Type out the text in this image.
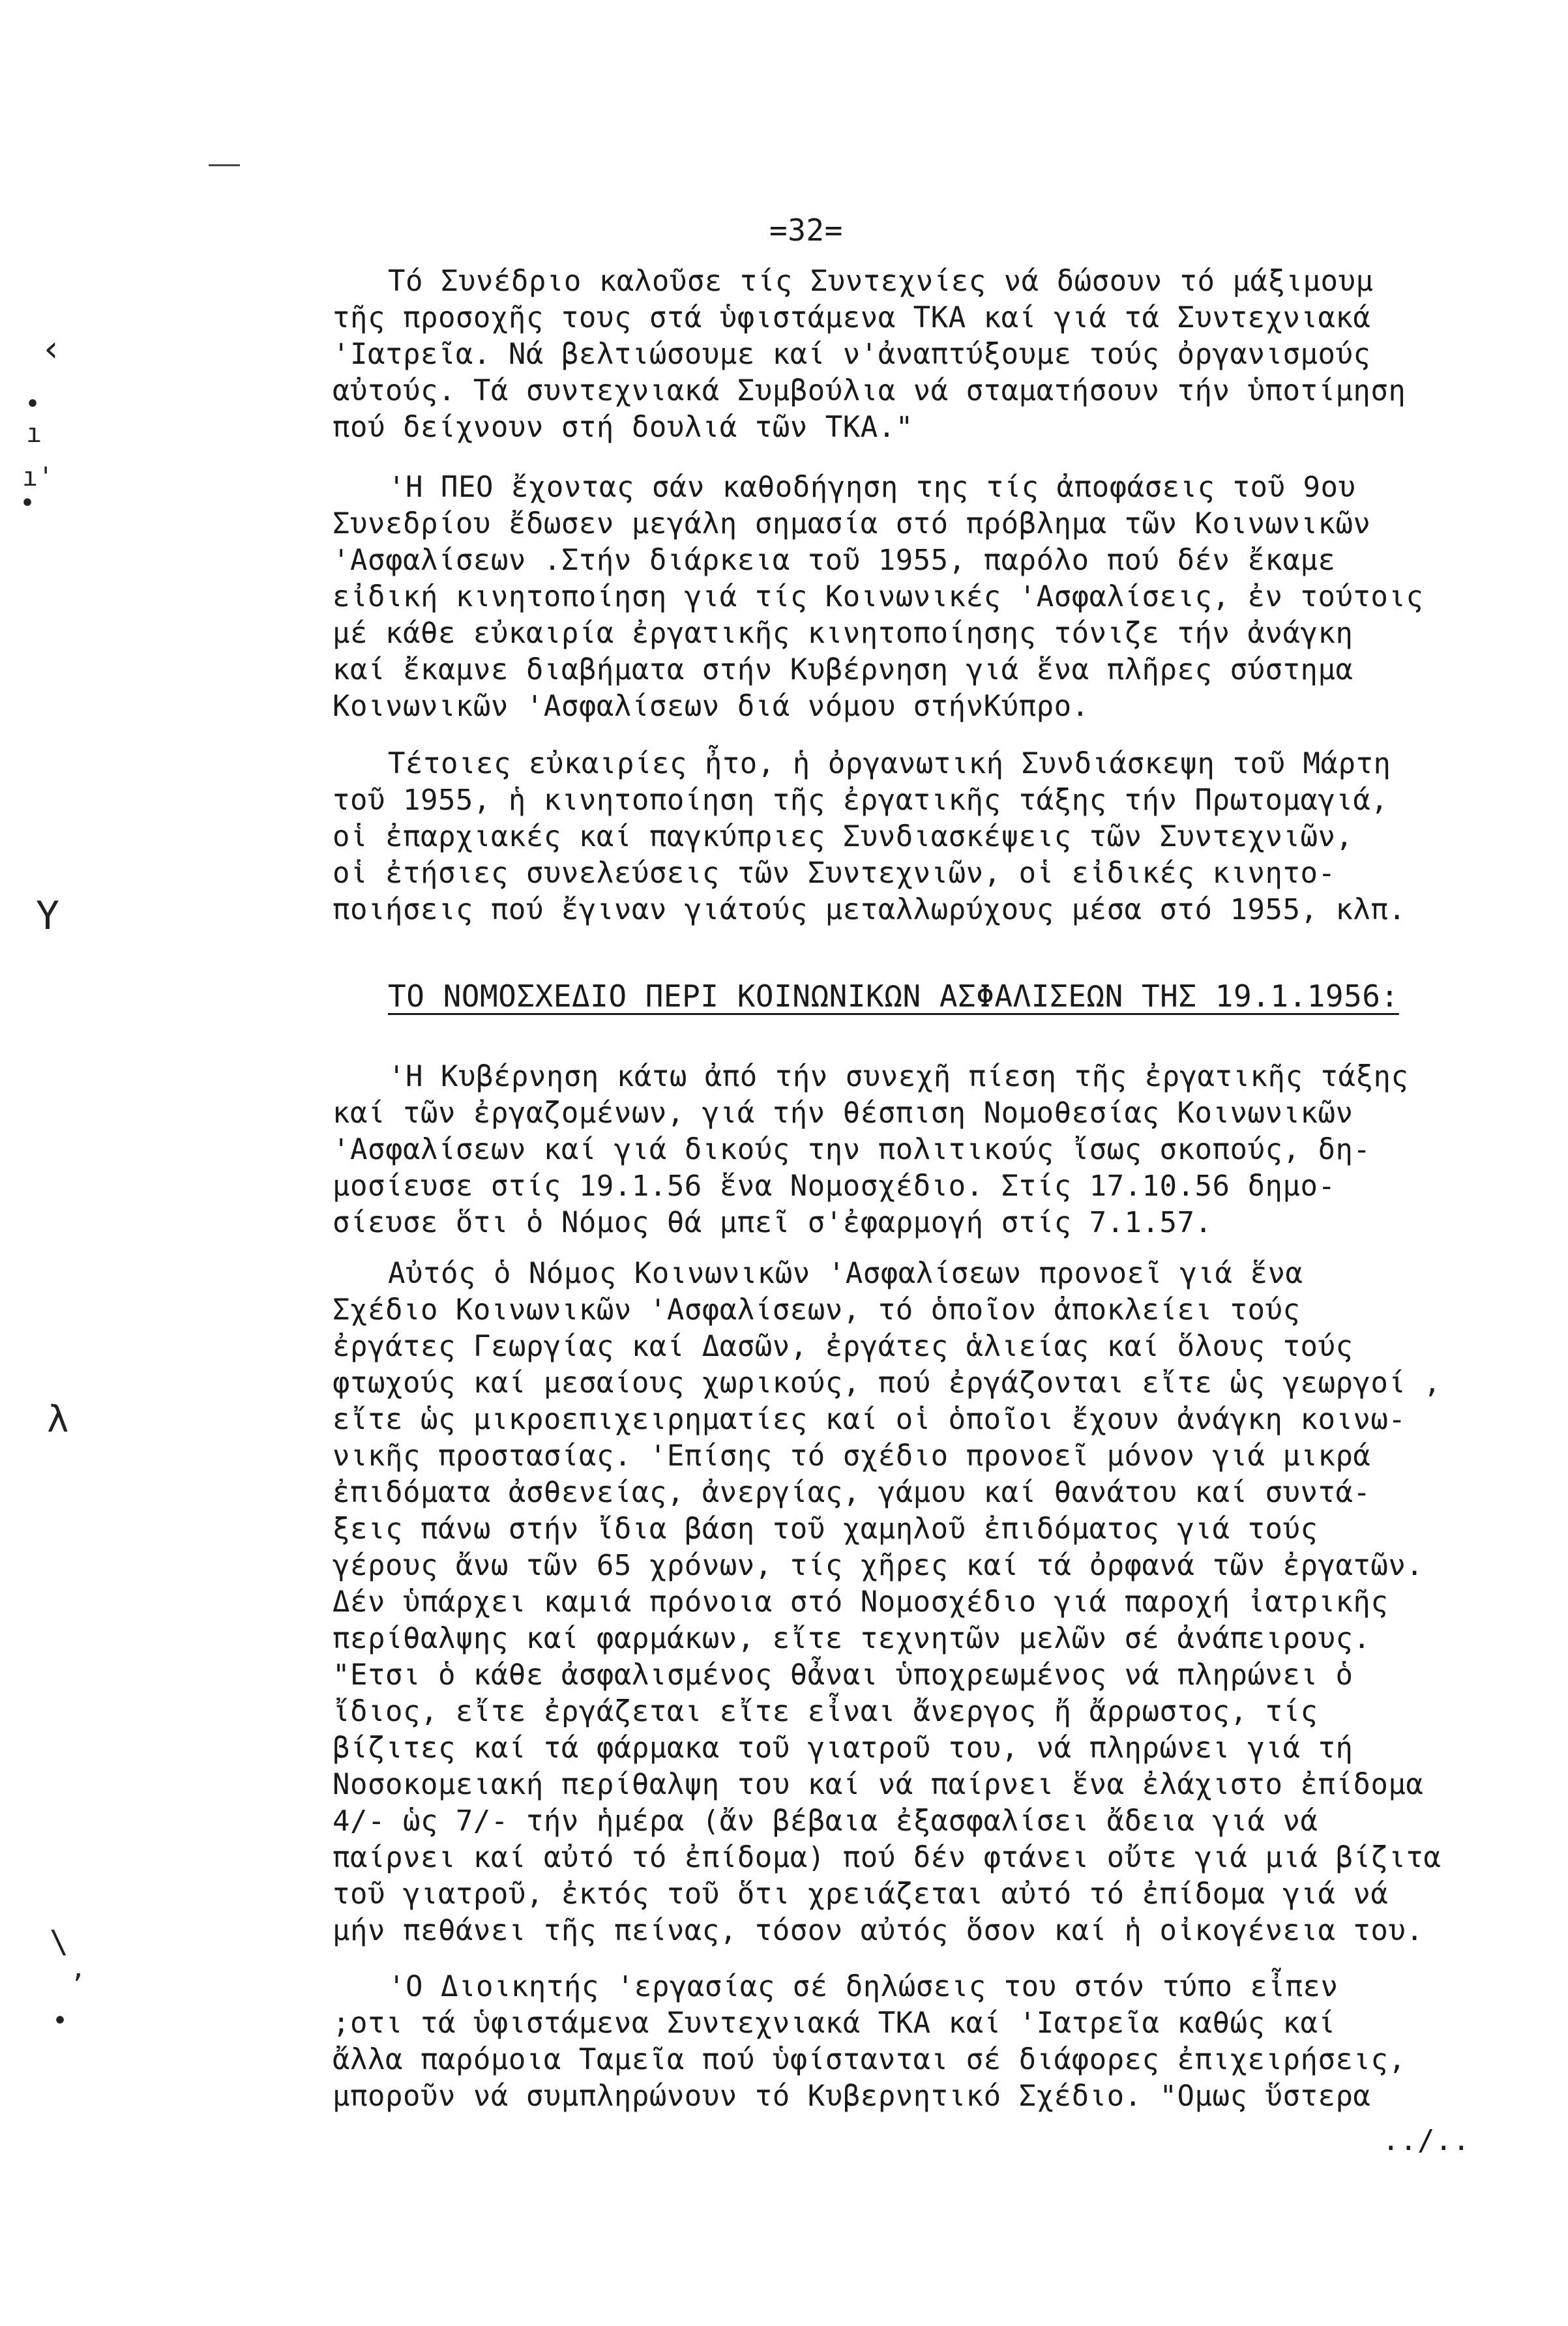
‹
•
ı
ı'
•
Y
λ
\
,
•
=32=
Τό Συνέδριο καλοῦσε τίς Συντεχνίες νά δώσουν τό μάξιμουμ
τῆς προσοχῆς τους στά ὑφιστάμενα ΤΚΑ καί γιά τά Συντεχνιακά
'Ιατρεῖα. Νά βελτιώσουμε καί ν'ἀναπτύξουμε τούς ὀργανισμούς
αὐτούς. Τά συντεχνιακά Συμβούλια νά σταματήσουν τήν ὑποτίμηση
πού δείχνουν στή δουλιά τῶν ΤΚΑ."
'Η ΠΕΟ ἔχοντας σάν καθοδήγηση της τίς ἀποφάσεις τοῦ 9ου
Συνεδρίου ἔδωσεν μεγάλη σημασία στό πρόβλημα τῶν Κοινωνικῶν
'Ασφαλίσεων .Στήν διάρκεια τοῦ 1955, παρόλο πού δέν ἔκαμε
εἰδική κινητοποίηση γιά τίς Κοινωνικές 'Ασφαλίσεις, ἐν τούτοις
μέ κάθε εὐκαιρία ἐργατικῆς κινητοποίησης τόνιζε τήν ἀνάγκη
καί ἔκαμνε διαβήματα στήν Κυβέρνηση γιά ἕνα πλῆρες σύστημα
Κοινωνικῶν 'Ασφαλίσεων διά νόμου στήνΚύπρο.
Τέτοιες εὐκαιρίες ἦτο, ἡ ὀργανωτική Συνδιάσκεψη τοῦ Μάρτη
τοῦ 1955, ἡ κινητοποίηση τῆς ἐργατικῆς τάξης τήν Πρωτομαγιά,
οἱ ἐπαρχιακές καί παγκύπριες Συνδιασκέψεις τῶν Συντεχνιῶν,
οἱ ἐτήσιες συνελεύσεις τῶν Συντεχνιῶν, οἱ εἰδικές κινητο-
ποιήσεις πού ἔγιναν γιάτούς μεταλλωρύχους μέσα στό 1955, κλπ.
ΤΟ ΝΟΜΟΣΧΕΔΙΟ ΠΕΡΙ ΚΟΙΝΩΝΙΚΩΝ ΑΣΦΑΛΙΣΕΩΝ ΤΗΣ 19.1.1956:
'Η Κυβέρνηση κάτω ἀπό τήν συνεχῆ πίεση τῆς ἐργατικῆς τάξης
καί τῶν ἐργαζομένων, γιά τήν θέσπιση Νομοθεσίας Κοινωνικῶν
'Ασφαλίσεων καί γιά δικούς την πολιτικούς ἴσως σκοπούς, δη-
μοσίευσε στίς 19.1.56 ἕνα Νομοσχέδιο. Στίς 17.10.56 δημο-
σίευσε ὅτι ὁ Νόμος θά μπεῖ σ'ἐφαρμογή στίς 7.1.57.
Αὐτός ὁ Νόμος Κοινωνικῶν 'Ασφαλίσεων προνοεῖ γιά ἕνα
Σχέδιο Κοινωνικῶν 'Ασφαλίσεων, τό ὁποῖον ἀποκλείει τούς
ἐργάτες Γεωργίας καί Δασῶν, ἐργάτες ἁλιείας καί ὅλους τούς
φτωχούς καί μεσαίους χωρικούς, πού ἐργάζονται εἴτε ὡς γεωργοί ,
εἴτε ὡς μικροεπιχειρηματίες καί οἱ ὁποῖοι ἔχουν ἀνάγκη κοινω-
νικῆς προστασίας. 'Επίσης τό σχέδιο προνοεῖ μόνον γιά μικρά
ἐπιδόματα ἀσθενείας, ἀνεργίας, γάμου καί θανάτου καί συντά-
ξεις πάνω στήν ἴδια βάση τοῦ χαμηλοῦ ἐπιδόματος γιά τούς
γέρους ἄνω τῶν 65 χρόνων, τίς χῆρες καί τά ὀρφανά τῶν ἐργατῶν.
Δέν ὑπάρχει καμιά πρόνοια στό Νομοσχέδιο γιά παροχή ἰατρικῆς
περίθαλψης καί φαρμάκων, εἴτε τεχνητῶν μελῶν σέ ἀνάπειρους.
"Ετσι ὁ κάθε ἀσφαλισμένος θἆναι ὑποχρεωμένος νά πληρώνει ὁ
ἴδιος, εἴτε ἐργάζεται εἴτε εἶναι ἄνεργος ἤ ἄρρωστος, τίς
βίζιτες καί τά φάρμακα τοῦ γιατροῦ του, νά πληρώνει γιά τή
Νοσοκομειακή περίθαλψη του καί νά παίρνει ἕνα ἐλάχιστο ἐπίδομα
4/- ὡς 7/- τήν ἡμέρα (ἄν βέβαια ἐξασφαλίσει ἄδεια γιά νά
παίρνει καί αὐτό τό ἐπίδομα) πού δέν φτάνει οὔτε γιά μιά βίζιτα
τοῦ γιατροῦ, ἐκτός τοῦ ὅτι χρειάζεται αὐτό τό ἐπίδομα γιά νά
μήν πεθάνει τῆς πείνας, τόσον αὐτός ὅσον καί ἡ οἰκογένεια του.
'Ο Διοικητής 'εργασίας σέ δηλώσεις του στόν τύπο εἶπεν
;οτι τά ὑφιστάμενα Συντεχνιακά ΤΚΑ καί 'Ιατρεῖα καθώς καί
ἄλλα παρόμοια Ταμεῖα πού ὑφίστανται σέ διάφορες ἐπιχειρήσεις,
μποροῦν νά συμπληρώνουν τό Κυβερνητικό Σχέδιο. "Ομως ὕστερα
../..
